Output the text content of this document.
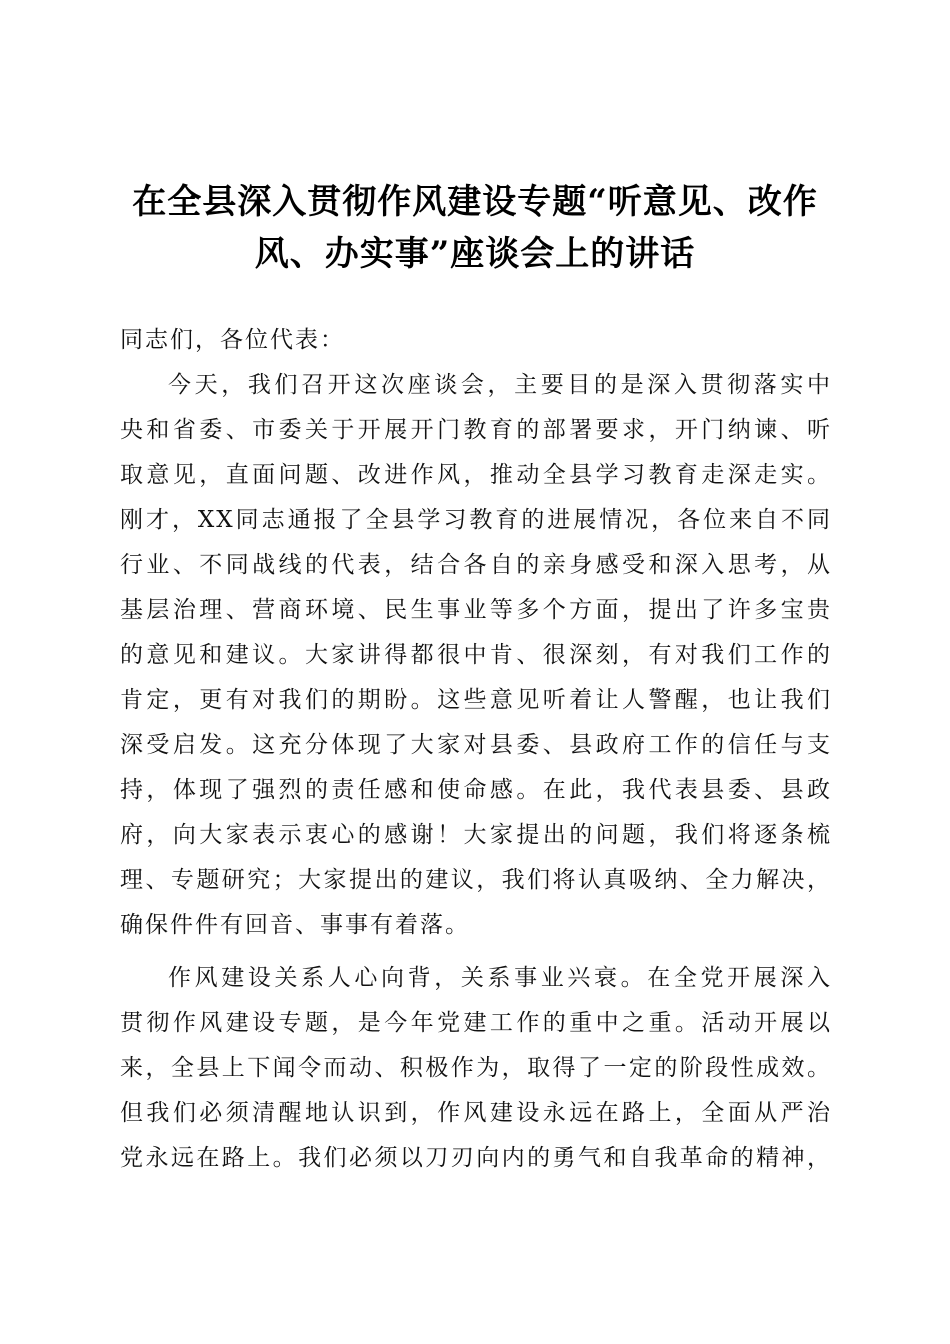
在全县深入贯彻作风建设专题“听意见、改作
风、办实事”座谈会上的讲话

同志们，各位代表：

今天，我们召开这次座谈会，主要目的是深入贯彻落实中
央和省委、市委关于开展开门教育的部署要求，开门纳谏、听
取意见，直面问题、改进作风，推动全县学习教育走深走实。
刚才，XX同志通报了全县学习教育的进展情况，各位来自不同
行业、不同战线的代表，结合各自的亲身感受和深入思考，从
基层治理、营商环境、民生事业等多个方面，提出了许多宝贵
的意见和建议。大家讲得都很中肯、很深刻，有对我们工作的
肯定，更有对我们的期盼。这些意见听着让人警醒，也让我们
深受启发。这充分体现了大家对县委、县政府工作的信任与支
持，体现了强烈的责任感和使命感。在此，我代表县委、县政
府，向大家表示衷心的感谢！大家提出的问题，我们将逐条梳
理、专题研究；大家提出的建议，我们将认真吸纳、全力解决，
确保件件有回音、事事有着落。

作风建设关系人心向背，关系事业兴衰。在全党开展深入
贯彻作风建设专题，是今年党建工作的重中之重。活动开展以
来，全县上下闻令而动、积极作为，取得了一定的阶段性成效。
但我们必须清醒地认识到，作风建设永远在路上，全面从严治
党永远在路上。我们必须以刀刃向内的勇气和自我革命的精神，
